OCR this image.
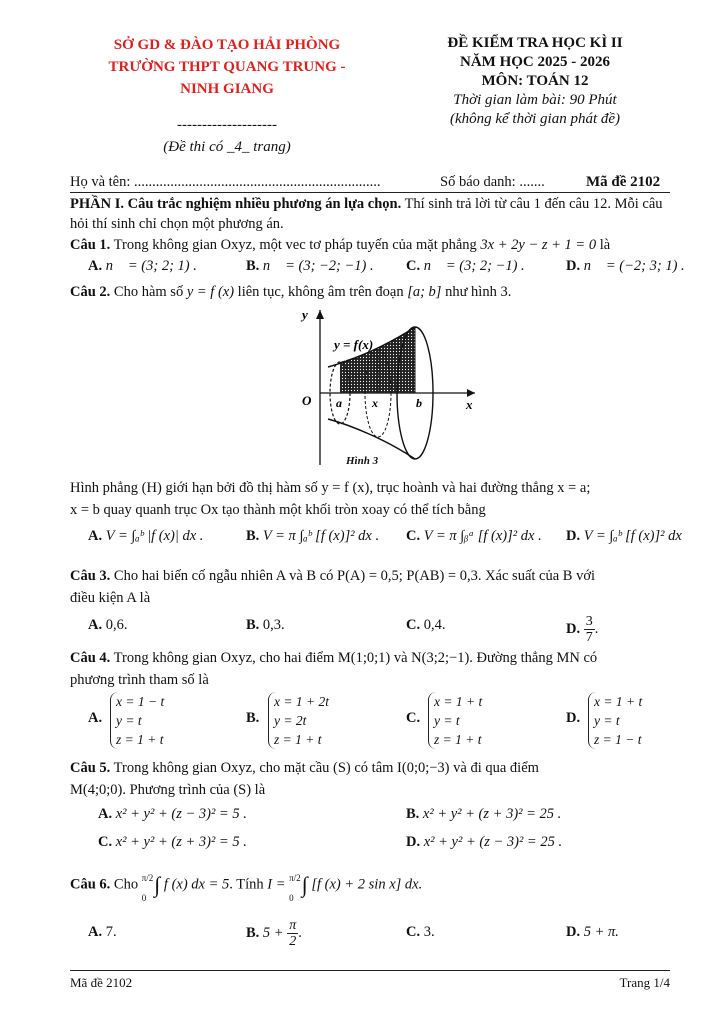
SỞ GD & ĐÀO TẠO HẢI PHÒNG
TRƯỜNG THPT QUANG TRUNG -
NINH GIANG
--------------------
(Đề thi có _4_ trang)
ĐỀ KIỂM TRA HỌC KÌ II
NĂM HỌC 2025 - 2026
MÔN: TOÁN 12
Thời gian làm bài: 90 Phút
(không kể thời gian phát đề)
Họ và tên: ....................................................................	Số báo danh: .......	Mã đề 2102
PHẦN I. Câu trắc nghiệm nhiều phương án lựa chọn. Thí sinh trả lời từ câu 1 đến câu 12. Mỗi câu hỏi thí sinh chỉ chọn một phương án.
Câu 1. Trong không gian Oxyz, một vec tơ pháp tuyến của mặt phẳng 3x + 2y − z + 1 = 0 là
A. n⃗ = (3; 2; 1) .	B. n⃗ = (3; −2; −1) . C. n⃗ = (3; 2; −1) .	D. n⃗ = (−2; 3; 1) .
Câu 2. Cho hàm số y = f (x) liên tục, không âm trên đoạn [a; b] như hình 3.
y = f(x)
y
x
O a	x	b
Hình 3
Hình phẳng (H) giới hạn bởi đồ thị hàm số y = f (x), trục hoành và hai đường thẳng x = a;
x = b quay quanh trục Ox tạo thành một khối tròn xoay có thể tích bằng
A. V = ∫ₐᵇ |f (x)| dx .	B. V = π ∫ₐᵇ [f (x)]² dx . C. V = π ∫ᵦᵃ [f (x)]² dx . D. V = ∫ₐᵇ [f (x)]² dx
Câu 3. Cho hai biến cố ngẫu nhiên A và B có P(A) = 0,5; P(AB) = 0,3. Xác suất của B với
điều kiện A là
A. 0,6.	B. 0,3.	C. 0,4.	D. $\frac{3}{7}$ .
Câu 4. Trong không gian Oxyz, cho hai điểm M(1;0;1) và N(3;2;−1). Đường thẳng MN có
phương trình tham số là
A.
x = 1 − t
y = t
z = 1 + t
B.
x = 1 + 2t
y = 2t
z = 1 + t
C.
x = 1 + t
y = t
z = 1 + t
D.
x = 1 + t
y = t
z = 1 − t
Câu 5. Trong không gian Oxyz, cho mặt cầu (S) có tâm I(0;0;−3) và đi qua điểm
M(4;0;0). Phương trình của (S) là
A. x² + y² + (z − 3)² = 5 .	B. x² + y² + (z + 3)² = 25 .
C. x² + y² + (z + 3)² = 5 .	D. x² + y² + (z − 3)² = 25 .
Câu 6. Cho π/2
0
∫ f (x) dx = 5. Tính I = π/2
0
∫ [f (x) + 2 sin x] dx.
A. 7.	B. $5 + \frac{\pi}{2}$ .	C. 3.	D. 5 + π.
Mã đề 2102	Trang 1/4
